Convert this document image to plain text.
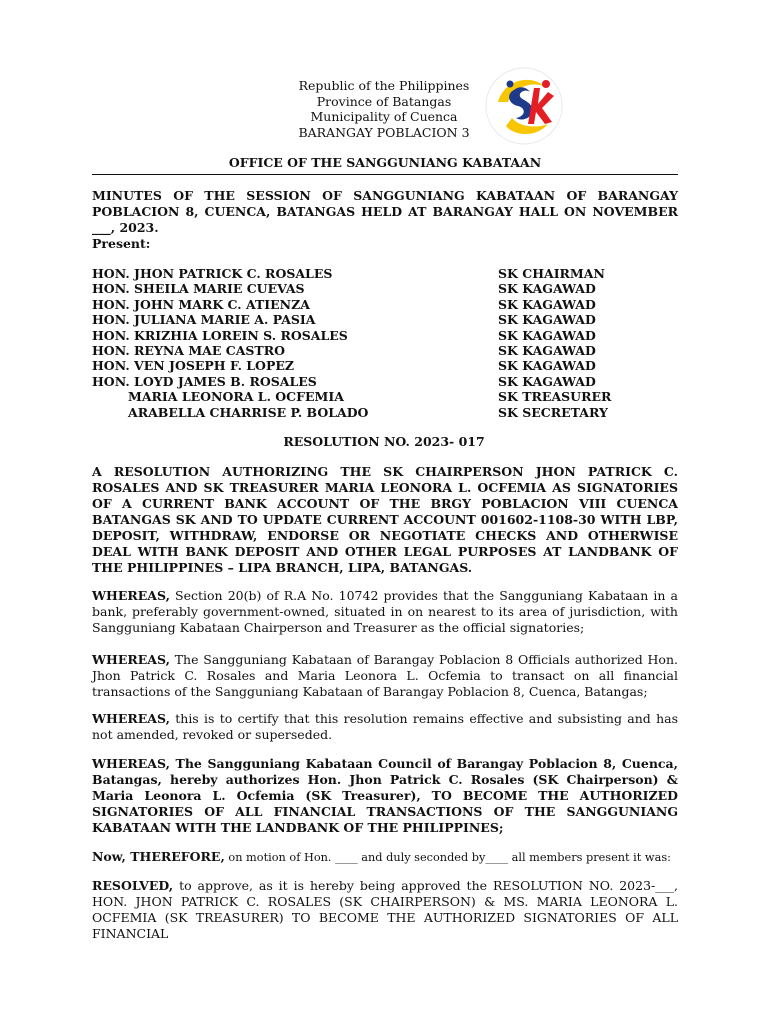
Republic of the Philippines
Province of Batangas
Municipality of Cuenca
BARANGAY POBLACION 3
OFFICE OF THE SANGGUNIANG KABATAAN
MINUTES OF THE SESSION OF SANGGUNIANG KABATAAN OF BARANGAY POBLACION 8, CUENCA, BATANGAS HELD AT BARANGAY HALL ON NOVEMBER ___, 2023.
Present:
HON. JHON PATRICK C. ROSALES	SK CHAIRMAN
HON. SHEILA MARIE CUEVAS	SK KAGAWAD
HON. JOHN MARK C. ATIENZA	SK KAGAWAD
HON. JULIANA MARIE A. PASIA	SK KAGAWAD
HON. KRIZHIA LOREIN S. ROSALES	SK KAGAWAD
HON. REYNA MAE CASTRO	SK KAGAWAD
HON. VEN JOSEPH F. LOPEZ	SK KAGAWAD
HON. LOYD JAMES B. ROSALES	SK KAGAWAD
MARIA LEONORA L. OCFEMIA	SK TREASURER
ARABELLA CHARRISE P. BOLADO	SK SECRETARY
RESOLUTION NO. 2023- 017
A RESOLUTION AUTHORIZING THE SK CHAIRPERSON JHON PATRICK C. ROSALES AND SK TREASURER MARIA LEONORA L. OCFEMIA AS SIGNATORIES OF A CURRENT BANK ACCOUNT OF THE BRGY POBLACION VIII CUENCA BATANGAS SK AND TO UPDATE CURRENT ACCOUNT 001602-1108-30 WITH LBP, DEPOSIT, WITHDRAW, ENDORSE OR NEGOTIATE CHECKS AND OTHERWISE DEAL WITH BANK DEPOSIT AND OTHER LEGAL PURPOSES AT LANDBANK OF THE PHILIPPINES – LIPA BRANCH, LIPA, BATANGAS.
WHEREAS, Section 20(b) of R.A No. 10742 provides that the Sangguniang Kabataan in a bank, preferably government-owned, situated in on nearest to its area of jurisdiction, with Sangguniang Kabataan Chairperson and Treasurer as the official signatories;
WHEREAS, The Sangguniang Kabataan of Barangay Poblacion 8 Officials authorized Hon. Jhon Patrick C. Rosales and Maria Leonora L. Ocfemia to transact on all financial transactions of the Sangguniang Kabataan of Barangay Poblacion 8, Cuenca, Batangas;
WHEREAS, this is to certify that this resolution remains effective and subsisting and has not amended, revoked or superseded.
WHEREAS, The Sangguniang Kabataan Council of Barangay Poblacion 8, Cuenca, Batangas, hereby authorizes Hon. Jhon Patrick C. Rosales (SK Chairperson) & Maria Leonora L. Ocfemia (SK Treasurer), TO BECOME THE AUTHORIZED SIGNATORIES OF ALL FINANCIAL TRANSACTIONS OF THE SANGGUNIANG KABATAAN WITH THE LANDBANK OF THE PHILIPPINES;
Now, THEREFORE, on motion of Hon. ____ and duly seconded by____ all members present it was:
RESOLVED, to approve, as it is hereby being approved the RESOLUTION NO. 2023-___, HON. JHON PATRICK C. ROSALES (SK CHAIRPERSON) & MS. MARIA LEONORA L. OCFEMIA (SK TREASURER) TO BECOME THE AUTHORIZED SIGNATORIES OF ALL FINANCIAL
